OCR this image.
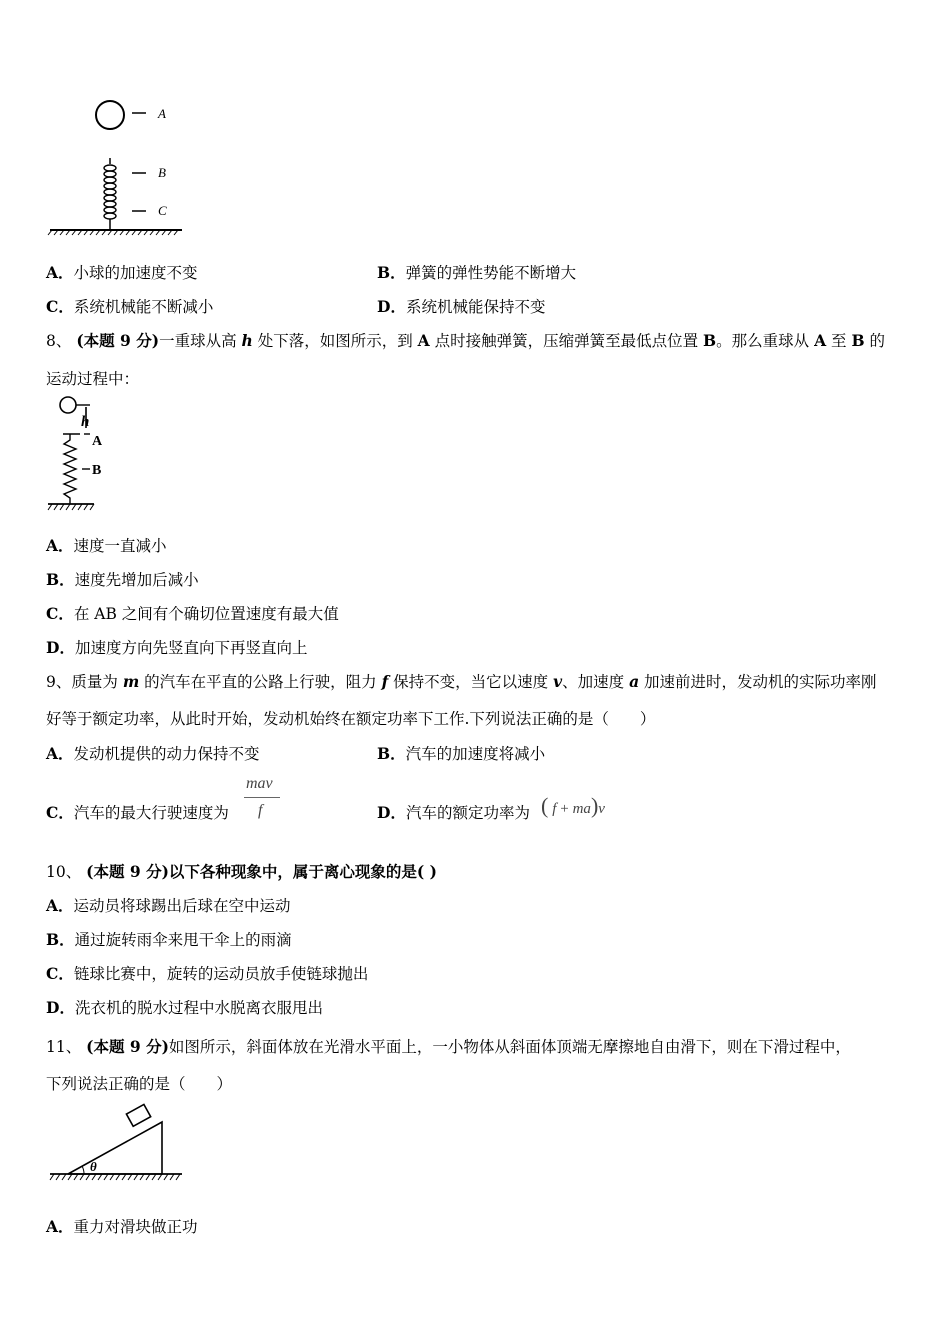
A
B
C
A．小球的加速度不变	B．弹簧的弹性势能不断增大
C．系统机械能不断减小	D．系统机械能保持不变
8、 (本题 9 分)一重球从高 h 处下落，如图所示，到 A 点时接触弹簧，压缩弹簧至最低点位置 B。那么重球从 A 至 B 的
运动过程中：
h
A
B
A．速度一直减小
B．速度先增加后减小
C．在 AB 之间有个确切位置速度有最大值
D．加速度方向先竖直向下再竖直向上
9、质量为 m 的汽车在平直的公路上行驶，阻力 f 保持不变，当它以速度 v、加速度 a 加速前进时，发动机的实际功率刚
好等于额定功率，从此时开始，发动机始终在额定功率下工作.下列说法正确的是（　　）
A．发动机提供的动力保持不变	B．汽车的加速度将减小
C．汽车的最大行驶速度为
mav
f	D．汽车的额定功率为 ( f + ma)v
10、 (本题 9 分)以下各种现象中，属于离心现象的是( )
A．运动员将球踢出后球在空中运动
B．通过旋转雨伞来甩干伞上的雨滴
C．链球比赛中，旋转的运动员放手使链球抛出
D．洗衣机的脱水过程中水脱离衣服甩出
11、 (本题 9 分)如图所示，斜面体放在光滑水平面上，一小物体从斜面体顶端无摩擦地自由滑下，则在下滑过程中，
下列说法正确的是（　　）
θ
A．重力对滑块做正功
